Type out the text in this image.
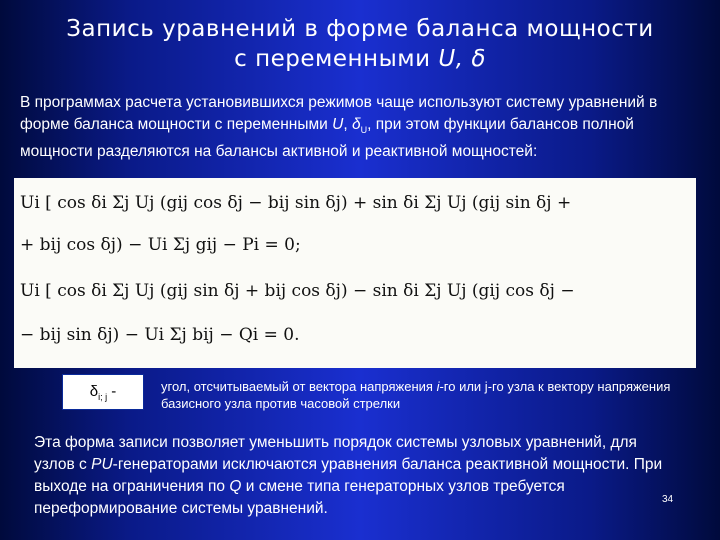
Запись уравнений в форме баланса мощности
с переменными U, δ
В программах расчета установившихся режимов чаще используют систему уравнений в форме баланса мощности с переменными U, $\delta_U$, при этом функции балансов полной мощности разделяются на балансы активной и реактивной мощностей:
Ui [ cos δi Σj Uj (gij cos δj − bij sin δj) + sin δi Σj Uj (gij sin δj +
+ bij cos δj) − Ui Σj gij − Pi = 0;
Ui [ cos δi Σj Uj (gij sin δj + bij cos δj) − sin δi Σj Uj (gij cos δj −
− bij sin δj) − Ui Σj bij − Qi = 0.
$\delta_{i; j}$ -	угол, отсчитываемый от вектора напряжения i-го или j-го узла к вектору напряжения базисного узла против часовой стрелки
Эта форма записи позволяет уменьшить порядок системы узловых уравнений, для узлов с PU-генераторами исключаются уравнения баланса реактивной мощности. При выходе на ограничения по Q и смене типа генераторных узлов требуется переформирование системы уравнений.
34
